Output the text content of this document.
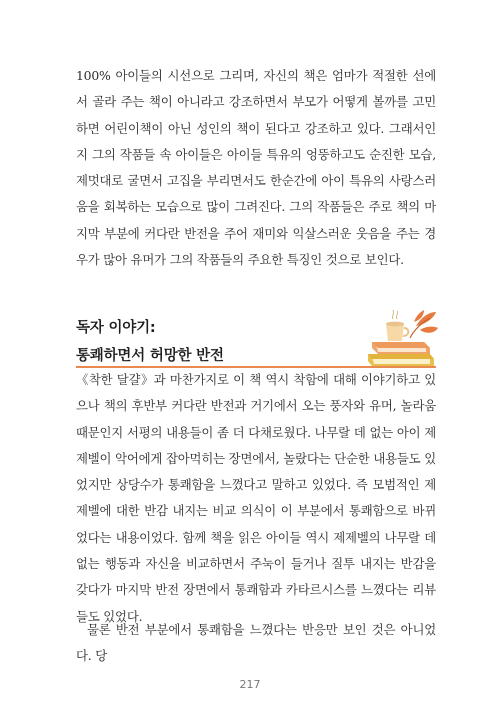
100% 아이들의 시선으로 그리며, 자신의 책은 엄마가 적절한 선에서 골라 주는 책이 아니라고 강조하면서 부모가 어떻게 볼까를 고민하면 어린이책이 아닌 성인의 책이 된다고 강조하고 있다. 그래서인지 그의 작품들 속 아이들은 아이들 특유의 엉뚱하고도 순진한 모습, 제멋대로 굴면서 고집을 부리면서도 한순간에 아이 특유의 사랑스러움을 회복하는 모습으로 많이 그려진다. 그의 작품들은 주로 책의 마지막 부분에 커다란 반전을 주어 재미와 익살스러운 웃음을 주는 경우가 많아 유머가 그의 작품들의 주요한 특징인 것으로 보인다.

독자 이야기:
통쾌하면서 허망한 반전

《착한 달걀》과 마찬가지로 이 책 역시 착함에 대해 이야기하고 있으나 책의 후반부 커다란 반전과 거기에서 오는 풍자와 유머, 놀라움 때문인지 서평의 내용들이 좀 더 다채로웠다. 나무랄 데 없는 아이 제제벨이 악어에게 잡아먹히는 장면에서, 놀랐다는 단순한 내용들도 있었지만 상당수가 통쾌함을 느꼈다고 말하고 있었다. 즉 모범적인 제제벨에 대한 반감 내지는 비교 의식이 이 부분에서 통쾌함으로 바뀌었다는 내용이었다. 함께 책을 읽은 아이들 역시 제제벨의 나무랄 데 없는 행동과 자신을 비교하면서 주눅이 들거나 질투 내지는 반감을 갖다가 마지막 반전 장면에서 통쾌함과 카타르시스를 느꼈다는 리뷰들도 있었다.

물론 반전 부분에서 통쾌함을 느꼈다는 반응만 보인 것은 아니었다. 당

217
